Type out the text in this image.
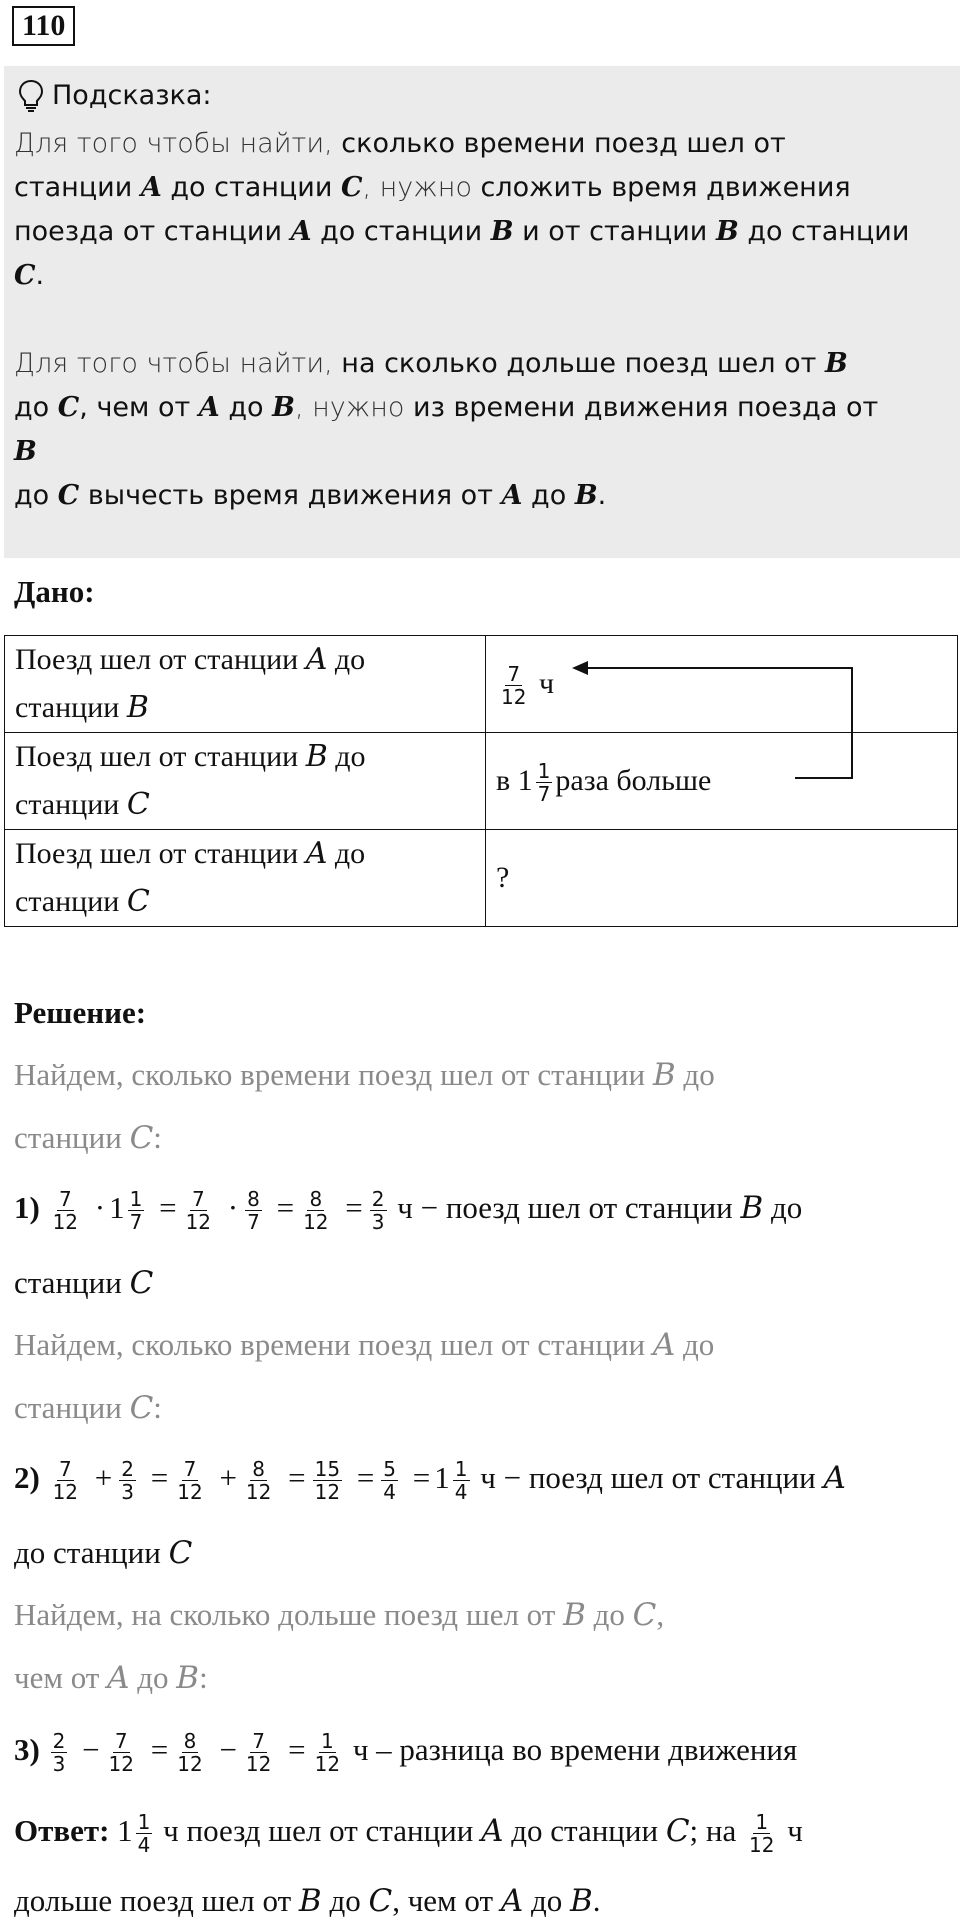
110
Подсказка:
Для того чтобы найти, сколько времени поезд шел от
станции A до станции C, нужно сложить время движения
поезда от станции A до станции B и от станции B до станции
C.
Для того чтобы найти, на сколько дольше поезд шел от B
до C, чем от A до B, нужно из времени движения поезда от
B
до C вычесть время движения от A до B.
Дано:
Поезд шел от станции A до
станции B	$\frac{7}{12}$ ч
Поезд шел от станции B до
станции C	в $1 \frac{1}{7}$ раза больше
Поезд шел от станции A до
станции C	?
Решение:
Найдем, сколько времени поезд шел от станции B до
станции C:
$1) \frac{7}{12} \cdot 1 \frac{1}{7} = \frac{7}{12} \cdot \frac{8}{7} = \frac{8}{12} = \frac{2}{3}$ ч − поезд шел от станции B до
станции C
Найдем, сколько времени поезд шел от станции A до
станции C:
$2) \frac{7}{12} + \frac{2}{3} = \frac{7}{12} + \frac{8}{12} = \frac{15}{12} = \frac{5}{4} = 1 \frac{1}{4}$ ч − поезд шел от станции A
до станции C
Найдем, на сколько дольше поезд шел от B до C,
чем от A до B:
$3) \frac{2}{3} - \frac{7}{12} = \frac{8}{12} - \frac{7}{12} = \frac{1}{12}$ ч – разница во времени движения
Ответ: $1 \frac{1}{4}$ ч поезд шел от станции A до станции C; на $\frac{1}{12}$ ч
дольше поезд шел от B до C, чем от A до B.
